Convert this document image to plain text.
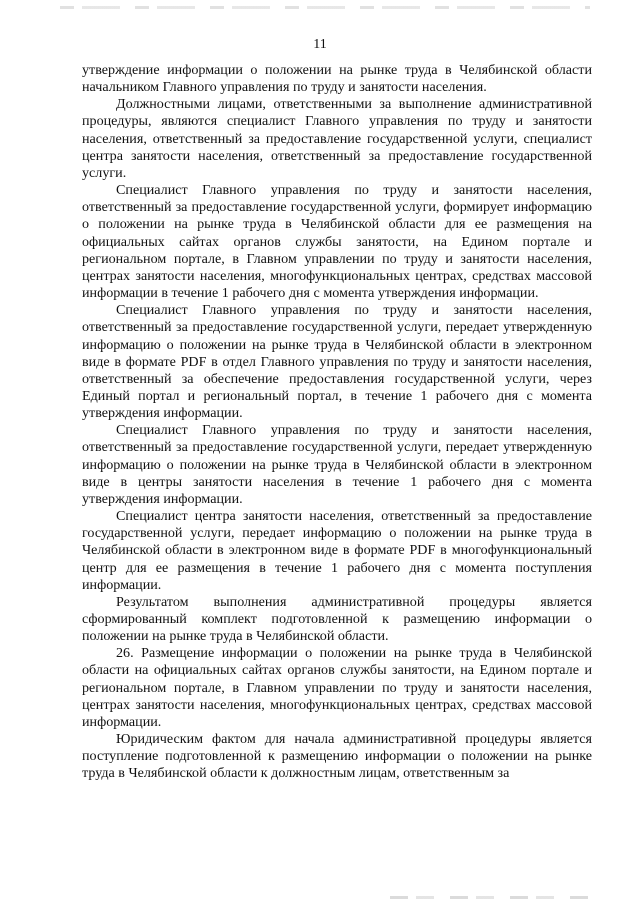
11

утверждение информации о положении на рынке труда в Челябинской области начальником Главного управления по труду и занятости населения.

Должностными лицами, ответственными за выполнение административной процедуры, являются специалист Главного управления по труду и занятости населения, ответственный за предоставление государственной услуги, специалист центра занятости населения, ответственный за предоставление государственной услуги.

Специалист Главного управления по труду и занятости населения, ответственный за предоставление государственной услуги, формирует информацию о положении на рынке труда в Челябинской области для ее размещения на официальных сайтах органов службы занятости, на Едином портале и региональном портале, в Главном управлении по труду и занятости населения, центрах занятости населения, многофункциональных центрах, средствах массовой информации в течение 1 рабочего дня с момента утверждения информации.

Специалист Главного управления по труду и занятости населения, ответственный за предоставление государственной услуги, передает утвержденную информацию о положении на рынке труда в Челябинской области в электронном виде в формате PDF в отдел Главного управления по труду и занятости населения, ответственный за обеспечение предоставления государственной услуги, через Единый портал и региональный портал, в течение 1 рабочего дня с момента утверждения информации.

Специалист Главного управления по труду и занятости населения, ответственный за предоставление государственной услуги, передает утвержденную информацию о положении на рынке труда в Челябинской области в электронном виде в центры занятости населения в течение 1 рабочего дня с момента утверждения информации.

Специалист центра занятости населения, ответственный за предоставление государственной услуги, передает информацию о положении на рынке труда в Челябинской области в электронном виде в формате PDF в многофункциональный центр для ее размещения в течение 1 рабочего дня с момента поступления информации.

Результатом выполнения административной процедуры является сформированный комплект подготовленной к размещению информации о положении на рынке труда в Челябинской области.

26. Размещение информации о положении на рынке труда в Челябинской области на официальных сайтах органов службы занятости, на Едином портале и региональном портале, в Главном управлении по труду и занятости населения, центрах занятости населения, многофункциональных центрах, средствах массовой информации.

Юридическим фактом для начала административной процедуры является поступление подготовленной к размещению информации о положении на рынке труда в Челябинской области к должностным лицам, ответственным за
